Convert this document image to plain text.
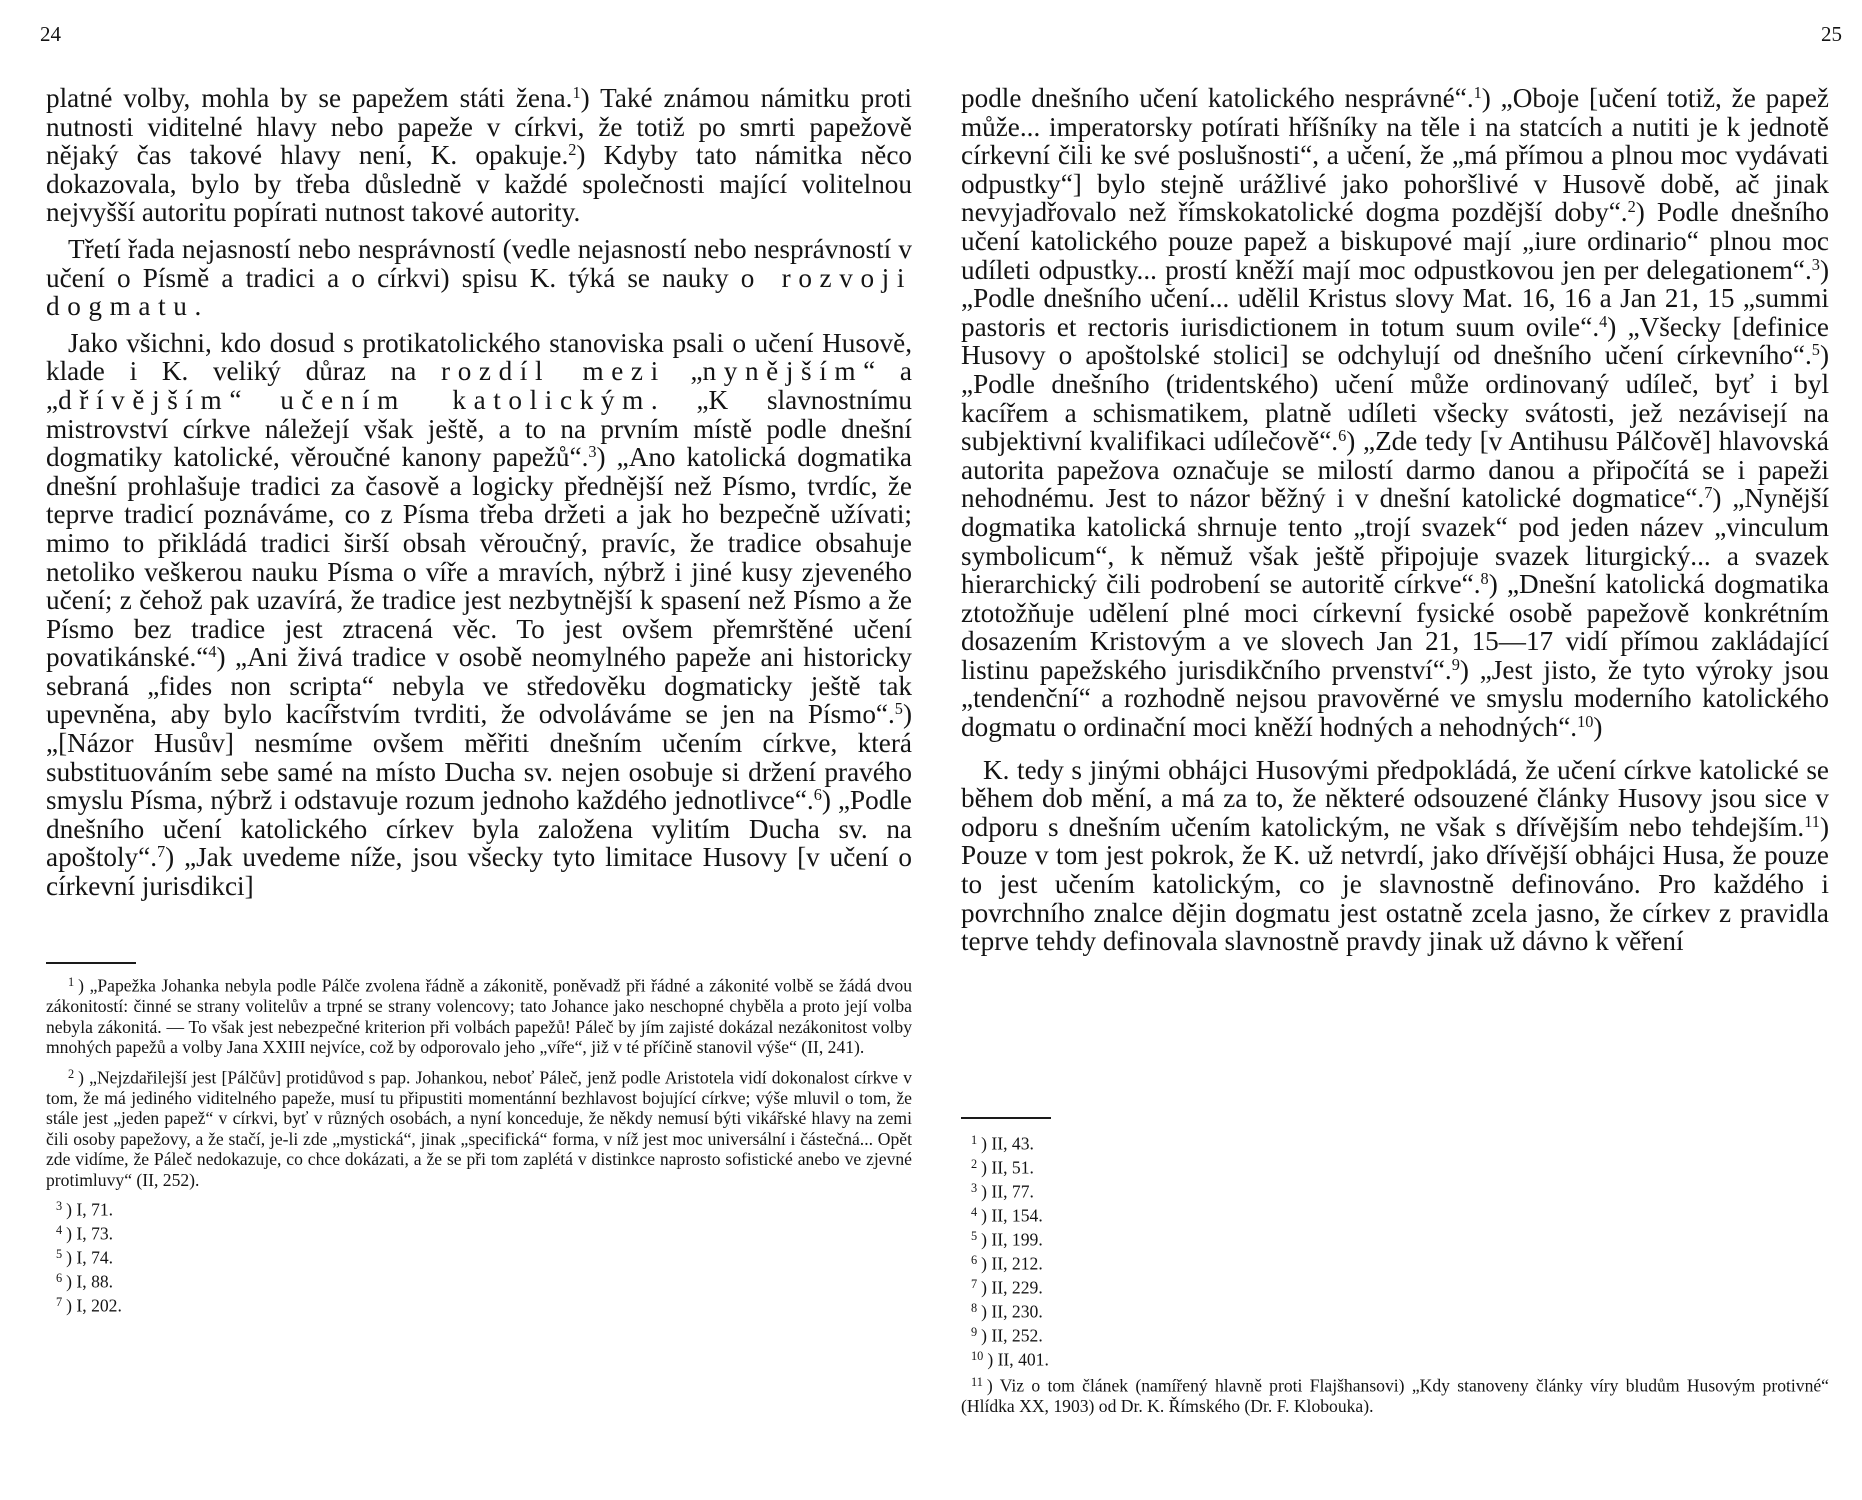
24

platné volby, mohla by se papežem státi žena.$^1$) Také známou námitku proti nutnosti viditelné hlavy nebo papeže v církvi, že totiž po smrti papežově nějaký čas takové hlavy není, K. opakuje.$^2$) Kdyby tato námitka něco dokazovala, bylo by třeba důsledně v každé společnosti mající volitelnou nejvyšší autoritu popírati nutnost takové autority.

Třetí řada nejasností nebo nesprávností (vedle nejasností nebo nesprávností v učení o Písmě a tradici a o církvi) spisu K. týká se nauky o rozvoji dogmatu.

Jako všichni, kdo dosud s protikatolického stanoviska psali o učení Husově, klade i K. veliký důraz na rozdíl mezi „nynějším“ a „dřívějším“ učením katolickým. „K slavnostnímu mistrovství církve náležejí však ještě, a to na prvním místě podle dnešní dogmatiky katolické, věroučné kanony papežů“.$^3$) „Ano katolická dogmatika dnešní prohlašuje tradici za časově a logicky přednější než Písmo, tvrdíc, že teprve tradicí poznáváme, co z Písma třeba držeti a jak ho bezpečně užívati; mimo to přikládá tradici širší obsah věroučný, pravíc, že tradice obsahuje netoliko veškerou nauku Písma o víře a mravích, nýbrž i jiné kusy zjeveného učení; z čehož pak uzavírá, že tradice jest nezbytnější k spasení než Písmo a že Písmo bez tradice jest ztracená věc. To jest ovšem přemrštěné učení povatikánské.“$^4$) „Ani živá tradice v osobě neomylného papeže ani historicky sebraná „fides non scripta“ nebyla ve středověku dogmaticky ještě tak upevněna, aby bylo kacířstvím tvrditi, že odvoláváme se jen na Písmo“.$^5$) „[Názor Husův] nesmíme ovšem měřiti dnešním učením církve, která substituováním sebe samé na místo Ducha sv. nejen osobuje si držení pravého smyslu Písma, nýbrž i odstavuje rozum jednoho každého jednotlivce“.$^6$) „Podle dnešního učení katolického církev byla založena vylitím Ducha sv. na apoštoly“.$^7$) „Jak uvedeme níže, jsou všecky tyto limitace Husovy [v učení o církevní jurisdikci]

$^1$ ) „Papežka Johanka nebyla podle Pálče zvolena řádně a zákonitě, poněvadž při řádné a zákonité volbě se žádá dvou zákonitostí: činné se strany volitelův a trpné se strany volencovy; tato Johance jako neschopné chyběla a proto její volba nebyla zákonitá. — To však jest nebezpečné kriterion při volbách papežů! Páleč by jím zajisté dokázal nezákonitost volby mnohých papežů a volby Jana XXIII nejvíce, což by odporovalo jeho „víře“, již v té příčině stanovil výše“ (II, 241).

$^2$ ) „Nejzdařilejší jest [Pálčův] protidůvod s pap. Johankou, neboť Páleč, jenž podle Aristotela vidí dokonalost církve v tom, že má jediného viditelného papeže, musí tu připustiti momentánní bezhlavost bojující církve; výše mluvil o tom, že stále jest „jeden papež“ v církvi, byť v různých osobách, a nyní konceduje, že někdy nemusí býti vikářské hlavy na zemi čili osoby papežovy, a že stačí, je-li zde „mystická“, jinak „specifická“ forma, v níž jest moc universální i částečná... Opět zde vidíme, že Páleč nedokazuje, co chce dokázati, a že se při tom zaplétá v distinkce naprosto sofistické anebo ve zjevné protimluvy“ (II, 252).

$^3$ ) I, 71.

$^4$ ) I, 73.

$^5$ ) I, 74.

$^6$ ) I, 88.

$^7$ ) I, 202.

25

podle dnešního učení katolického nesprávné“.$^1$) „Oboje [učení totiž, že papež může... imperatorsky potírati hříšníky na těle i na statcích a nutiti je k jednotě církevní čili ke své poslušnosti“, a učení, že „má přímou a plnou moc vydávati odpustky“] bylo stejně urážlivé jako pohoršlivé v Husově době, ač jinak nevyjadřovalo než římskokatolické dogma pozdější doby“.$^2$) Podle dnešního učení katolického pouze papež a biskupové mají „iure ordinario“ plnou moc udíleti odpustky... prostí kněží mají moc odpustkovou jen per delegationem“.$^3$) „Podle dnešního učení... udělil Kristus slovy Mat. 16, 16 a Jan 21, 15 „summi pastoris et rectoris iurisdictionem in totum suum ovile“.$^4$) „Všecky [definice Husovy o apoštolské stolici] se odchylují od dnešního učení církevního“.$^5$) „Podle dnešního (tridentského) učení může ordinovaný udíleč, byť i byl kacířem a schismatikem, platně udíleti všecky svátosti, jež nezávisejí na subjektivní kvalifikaci udílečově“.$^6$) „Zde tedy [v Antihusu Pálčově] hlavovská autorita papežova označuje se milostí darmo danou a připočítá se i papeži nehodnému. Jest to názor běžný i v dnešní katolické dogmatice“.$^7$) „Nynější dogmatika katolická shrnuje tento „trojí svazek“ pod jeden název „vinculum symbolicum“, k němuž však ještě připojuje svazek liturgický... a svazek hierarchický čili podrobení se autoritě církve“.$^8$) „Dnešní katolická dogmatika ztotožňuje udělení plné moci církevní fysické osobě papežově konkrétním dosazením Kristovým a ve slovech Jan 21, 15—17 vidí přímou zakládající listinu papežského jurisdikčního prvenství“.$^9$) „Jest jisto, že tyto výroky jsou „tendenční“ a rozhodně nejsou pravověrné ve smyslu moderního katolického dogmatu o ordinační moci kněží hodných a nehodných“.$^{10}$)

K. tedy s jinými obhájci Husovými předpokládá, že učení církve katolické se během dob mění, a má za to, že některé odsouzené články Husovy jsou sice v odporu s dnešním učením katolickým, ne však s dřívějším nebo tehdejším.$^{11}$) Pouze v tom jest pokrok, že K. už netvrdí, jako dřívější obhájci Husa, že pouze to jest učením katolickým, co je slavnostně definováno. Pro každého i povrchního znalce dějin dogmatu jest ostatně zcela jasno, že církev z pravidla teprve tehdy definovala slavnostně pravdy jinak už dávno k věření

$^1$ ) II, 43.

$^2$ ) II, 51.

$^3$ ) II, 77.

$^4$ ) II, 154.

$^5$ ) II, 199.

$^6$ ) II, 212.

$^7$ ) II, 229.

$^8$ ) II, 230.

$^9$ ) II, 252.

$^{10}$ ) II, 401.

$^{11}$ ) Viz o tom článek (namířený hlavně proti Flajšhansovi) „Kdy stanoveny články víry bludům Husovým protivné“ (Hlídka XX, 1903) od Dr. K. Římského (Dr. F. Klobouka).
